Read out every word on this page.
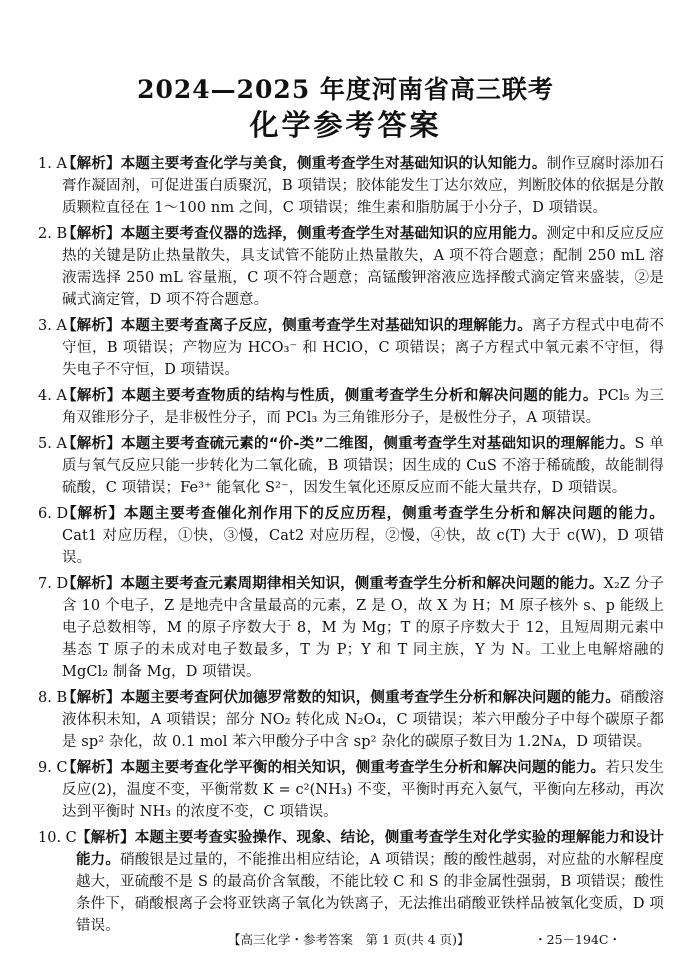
2024—2025 年度河南省高三联考
化学参考答案
1. A
【解析】本题主要考查化学与美食，侧重考查学生对基础知识的认知能力。制作豆腐时添加石膏作凝固剂，可促进蛋白质聚沉，B 项错误；胶体能发生丁达尔效应，判断胶体的依据是分散质颗粒直径在 1～100 nm 之间，C 项错误；维生素和脂肪属于小分子，D 项错误。
2. B
【解析】本题主要考查仪器的选择，侧重考查学生对基础知识的应用能力。测定中和反应反应热的关键是防止热量散失，具支试管不能防止热量散失，A 项不符合题意；配制 250 mL 溶液需选择 250 mL 容量瓶，C 项不符合题意；高锰酸钾溶液应选择酸式滴定管来盛装，②是碱式滴定管，D 项不符合题意。
3. A
【解析】本题主要考查离子反应，侧重考查学生对基础知识的理解能力。离子方程式中电荷不守恒，B 项错误；产物应为 HCO₃⁻ 和 HClO，C 项错误；离子方程式中氧元素不守恒，得失电子不守恒，D 项错误。
4. A
【解析】本题主要考查物质的结构与性质，侧重考查学生分析和解决问题的能力。PCl₅ 为三角双锥形分子，是非极性分子，而 PCl₃ 为三角锥形分子，是极性分子，A 项错误。
5. A
【解析】本题主要考查硫元素的“价-类”二维图，侧重考查学生对基础知识的理解能力。S 单质与氧气反应只能一步转化为二氧化硫，B 项错误；因生成的 CuS 不溶于稀硫酸，故能制得硫酸，C 项错误；Fe³⁺ 能氧化 S²⁻，因发生氧化还原反应而不能大量共存，D 项错误。
6. D
【解析】本题主要考查催化剂作用下的反应历程，侧重考查学生分析和解决问题的能力。Cat1 对应历程，①快，③慢，Cat2 对应历程，②慢，④快，故 c(T) 大于 c(W)，D 项错误。
7. D
【解析】本题主要考查元素周期律相关知识，侧重考查学生分析和解决问题的能力。X₂Z 分子含 10 个电子，Z 是地壳中含量最高的元素，Z 是 O，故 X 为 H；M 原子核外 s、p 能级上电子总数相等，M 的原子序数大于 8，M 为 Mg；T 的原子序数大于 12，且短周期元素中基态 T 原子的未成对电子数最多，T 为 P；Y 和 T 同主族，Y 为 N。工业上电解熔融的 MgCl₂ 制备 Mg，D 项错误。
8. B
【解析】本题主要考查阿伏加德罗常数的知识，侧重考查学生分析和解决问题的能力。硝酸溶液体积未知，A 项错误；部分 NO₂ 转化成 N₂O₄，C 项错误；苯六甲酸分子中每个碳原子都是 sp² 杂化，故 0.1 mol 苯六甲酸分子中含 sp² 杂化的碳原子数目为 1.2Nᴀ，D 项错误。
9. C
【解析】本题主要考查化学平衡的相关知识，侧重考查学生分析和解决问题的能力。若只发生反应(2)，温度不变，平衡常数 K = c²(NH₃) 不变，平衡时再充入氨气，平衡向左移动，再次达到平衡时 NH₃ 的浓度不变，C 项错误。
10. C 【解析】本题主要考查实验操作、现象、结论，侧重考查学生对化学实验的理解能力和设计能力。硝酸银是过量的，不能推出相应结论，A 项错误；酸的酸性越弱，对应盐的水解程度越大，亚硫酸不是 S 的最高价含氧酸，不能比较 C 和 S 的非金属性强弱，B 项错误；酸性条件下，硝酸根离子会将亚铁离子氧化为铁离子，无法推出硝酸亚铁样品被氧化变质，D 项错误。
【高三化学・参考答案　第 1 页(共 4 页)】	・25－194C・
